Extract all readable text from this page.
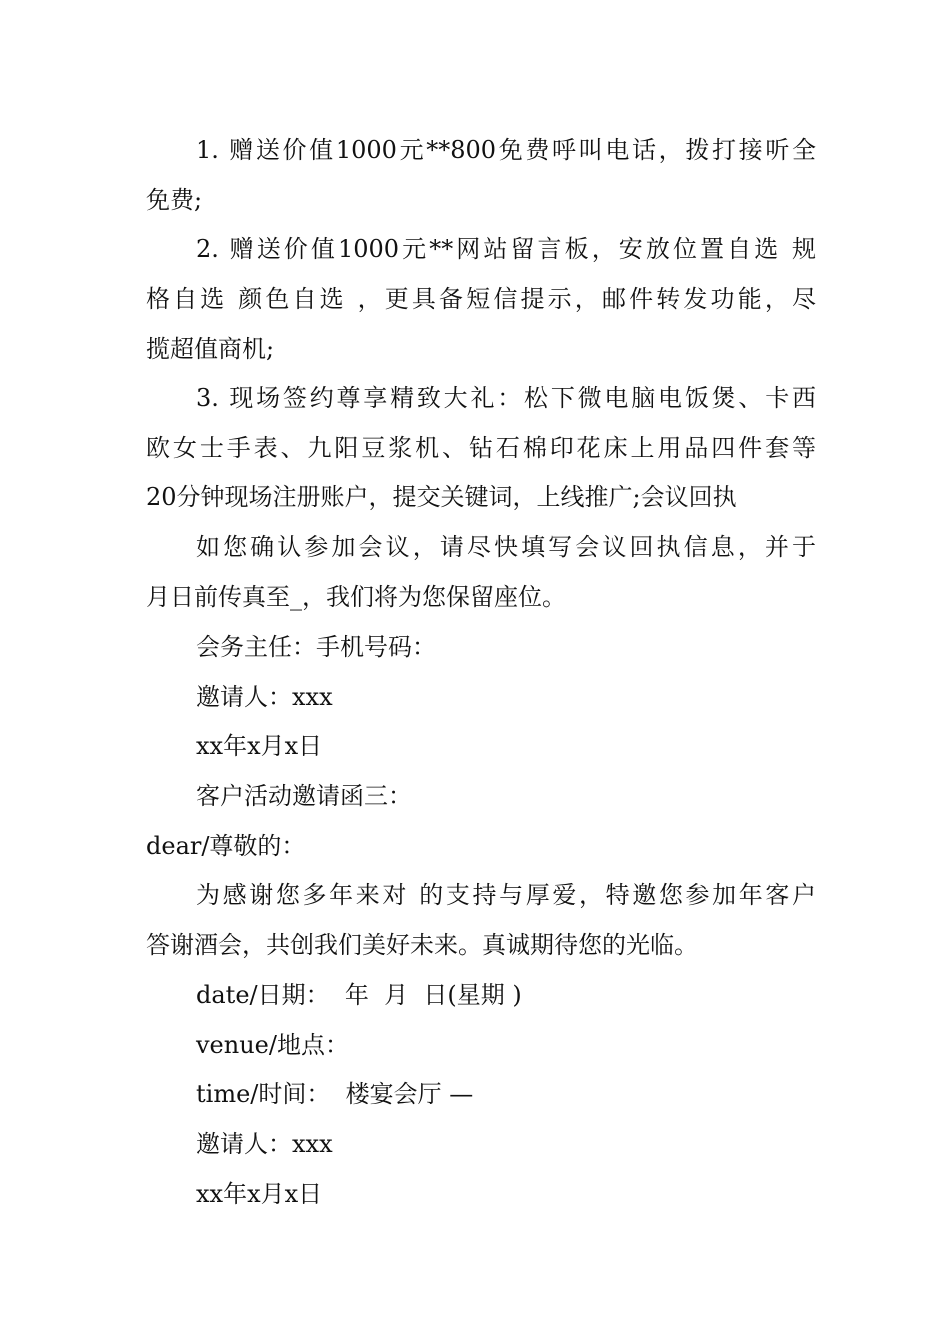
1. 赠送价值1000元**800免费呼叫电话，拨打接听全
免费;
2. 赠送价值1000元**网站留言板，安放位置自选 规
格自选 颜色自选 ，更具备短信提示，邮件转发功能，尽
揽超值商机;
3. 现场签约尊享精致大礼：松下微电脑电饭煲、卡西
欧女士手表、九阳豆浆机、钻石棉印花床上用品四件套等
20分钟现场注册账户，提交关键词，上线推广;会议回执
如您确认参加会议，请尽快填写会议回执信息，并于
月日前传真至_，我们将为您保留座位。
会务主任：手机号码：
邀请人：xxx
xx年x月x日
客户活动邀请函三：
dear/尊敬的：
为感谢您多年来对 的支持与厚爱，特邀您参加年客户
答谢酒会，共创我们美好未来。真诚期待您的光临。
date/日期：  年  月  日(星期 )
venue/地点：
time/时间：  楼宴会厅 —
邀请人：xxx
xx年x月x日
